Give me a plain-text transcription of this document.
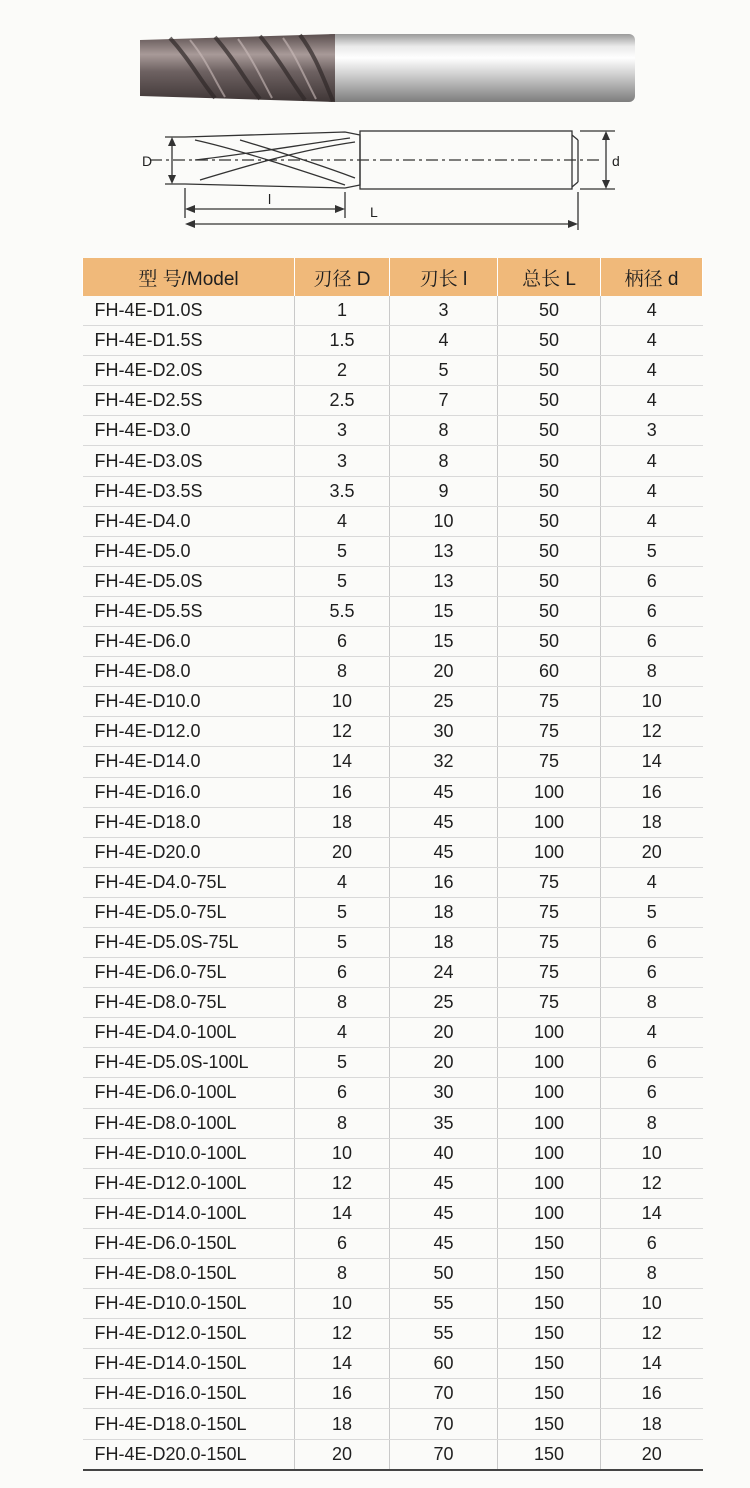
D	d
l
L
型 号/Model	刃径 D	刃长 l	总长 L	柄径 d
FH-4E-D1.0S	1	3	50	4
FH-4E-D1.5S	1.5	4	50	4
FH-4E-D2.0S	2	5	50	4
FH-4E-D2.5S	2.5	7	50	4
FH-4E-D3.0	3	8	50	3
FH-4E-D3.0S	3	8	50	4
FH-4E-D3.5S	3.5	9	50	4
FH-4E-D4.0	4	10	50	4
FH-4E-D5.0	5	13	50	5
FH-4E-D5.0S	5	13	50	6
FH-4E-D5.5S	5.5	15	50	6
FH-4E-D6.0	6	15	50	6
FH-4E-D8.0	8	20	60	8
FH-4E-D10.0	10	25	75	10
FH-4E-D12.0	12	30	75	12
FH-4E-D14.0	14	32	75	14
FH-4E-D16.0	16	45	100	16
FH-4E-D18.0	18	45	100	18
FH-4E-D20.0	20	45	100	20
FH-4E-D4.0-75L	4	16	75	4
FH-4E-D5.0-75L	5	18	75	5
FH-4E-D5.0S-75L	5	18	75	6
FH-4E-D6.0-75L	6	24	75	6
FH-4E-D8.0-75L	8	25	75	8
FH-4E-D4.0-100L	4	20	100	4
FH-4E-D5.0S-100L	5	20	100	6
FH-4E-D6.0-100L	6	30	100	6
FH-4E-D8.0-100L	8	35	100	8
FH-4E-D10.0-100L	10	40	100	10
FH-4E-D12.0-100L	12	45	100	12
FH-4E-D14.0-100L	14	45	100	14
FH-4E-D6.0-150L	6	45	150	6
FH-4E-D8.0-150L	8	50	150	8
FH-4E-D10.0-150L	10	55	150	10
FH-4E-D12.0-150L	12	55	150	12
FH-4E-D14.0-150L	14	60	150	14
FH-4E-D16.0-150L	16	70	150	16
FH-4E-D18.0-150L	18	70	150	18
FH-4E-D20.0-150L	20	70	150	20
